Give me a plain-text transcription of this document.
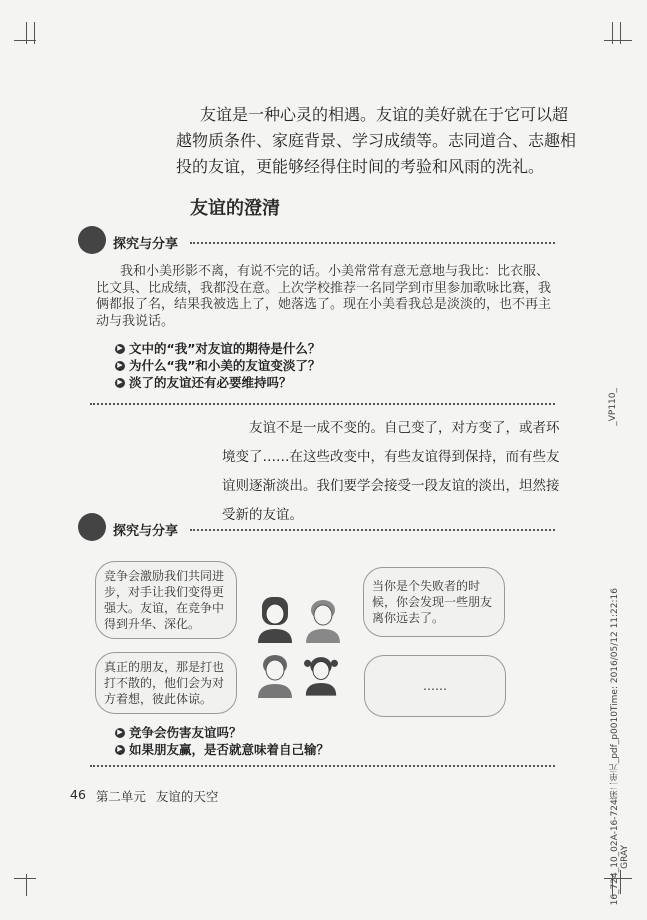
友谊是一种心灵的相遇。友谊的美好就在于它可以超
越物质条件、家庭背景、学习成绩等。志同道合、志趣相
投的友谊，更能够经得住时间的考验和风雨的洗礼。
友谊的澄清
探究与分享
我和小美形影不离，有说不完的话。小美常常有意无意地与我比：比衣服、
比文具、比成绩，我都没在意。上次学校推荐一名同学到市里参加歌咏比赛，我
俩都报了名，结果我被选上了，她落选了。现在小美看我总是淡淡的，也不再主
动与我说话。
▶ 文中的“我”对友谊的期待是什么？
▶ 为什么“我”和小美的友谊变淡了？
▶ 淡了的友谊还有必要维持吗？
友谊不是一成不变的。自己变了，对方变了，或者环
境变了……在这些改变中，有些友谊得到保持，而有些友
谊则逐渐淡出。我们要学会接受一段友谊的淡出，坦然接
受新的友谊。
探究与分享
竞争会激励我们共同进步，对手让我们变得更强大。友谊，在竞争中得到升华、深化。
当你是个失败者的时候，你会发现一些朋友离你远去了。
真正的朋友，那是打也打不散的，他们会为对方着想，彼此体谅。
……
▶ 竞争会伤害友谊吗？
▶ 如果朋友赢，是否就意味着自己输？
46 第二单元 友谊的天空
_VP110_
16_724_10_02A-16-724第二单元_pdf_p0010Time: 2016/05/12 11:22:16 GRAY
